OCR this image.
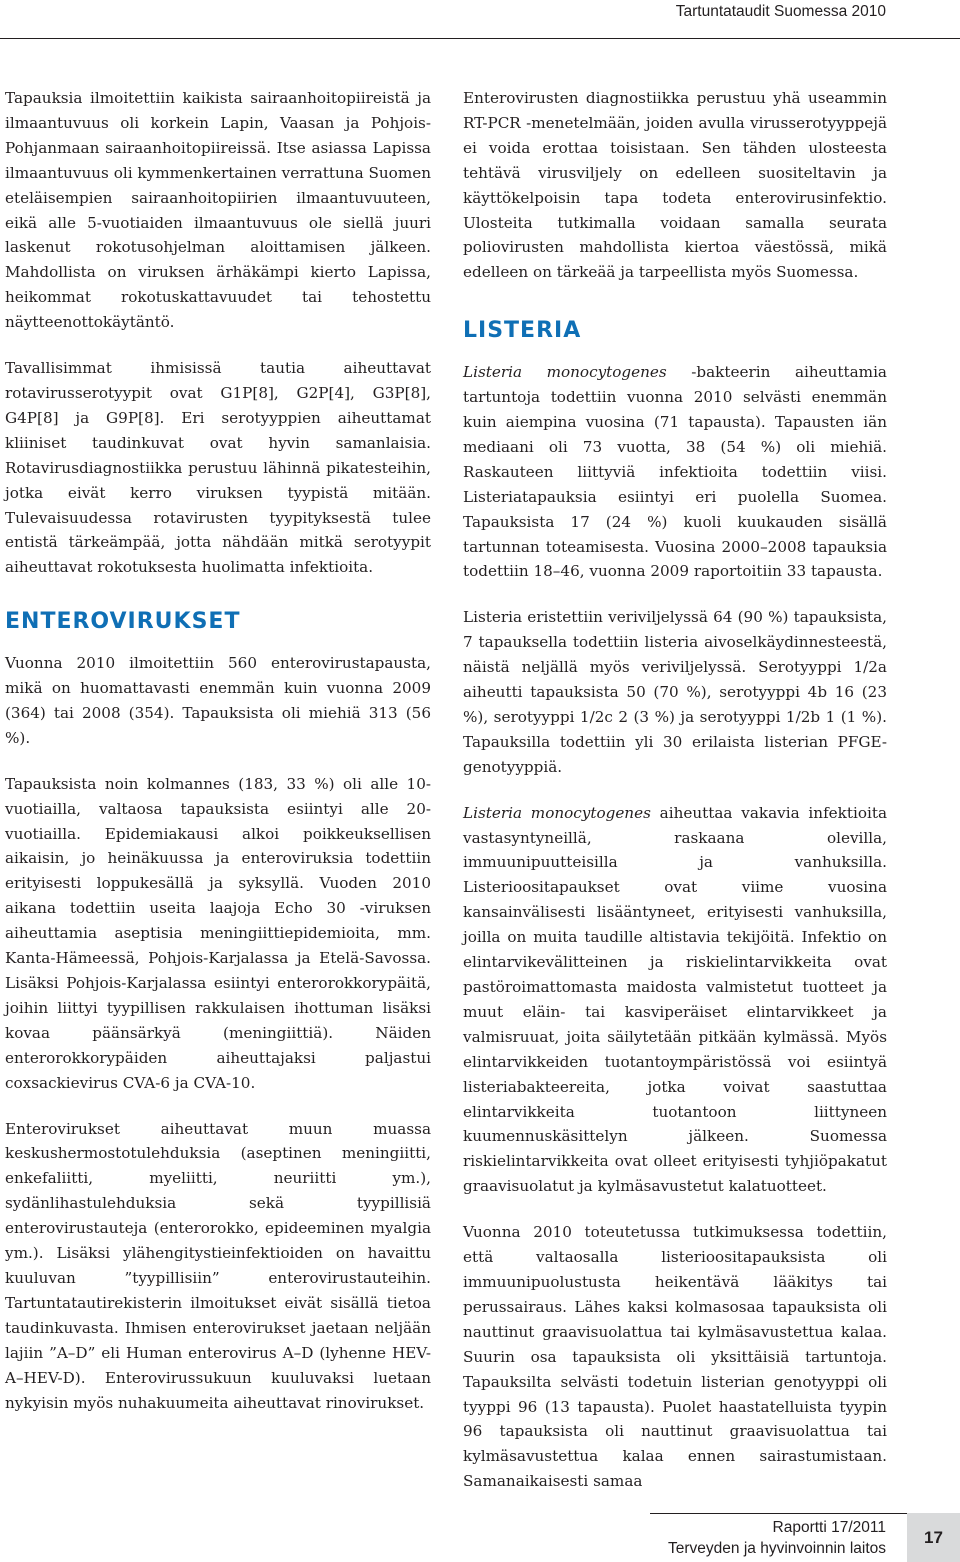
Tartuntataudit Suomessa 2010

Tapauksia ilmoitettiin kaikista sairaanhoitopiireistä ja ilmaantuvuus oli korkein Lapin, Vaasan ja Pohjois-Pohjanmaan sairaanhoitopiireissä. Itse asiassa Lapissa ilmaantuvuus oli kymmenkertainen verrattuna Suomen eteläisempien sairaanhoitopiirien ilmaantuvuuteen, eikä alle 5-vuotiaiden ilmaantuvuus ole siellä juuri laskenut rokotusohjelman aloittamisen jälkeen. Mahdollista on viruksen ärhäkämpi kierto Lapissa, heikommat rokotuskattavuudet tai tehostettu näytteenottokäytäntö.

Tavallisimmat ihmisissä tautia aiheuttavat rotavirusserotyypit ovat G1P[8], G2P[4], G3P[8], G4P[8] ja G9P[8]. Eri serotyyppien aiheuttamat kliiniset taudinkuvat ovat hyvin samanlaisia. Rotavirusdiagnostiikka perustuu lähinnä pikatesteihin, jotka eivät kerro viruksen tyypistä mitään. Tulevaisuudessa rotavirusten tyypityksestä tulee entistä tärkeämpää, jotta nähdään mitkä serotyypit aiheuttavat rokotuksesta huolimatta infektioita.

ENTEROVIRUKSET

Vuonna 2010 ilmoitettiin 560 enterovirustapausta, mikä on huomattavasti enemmän kuin vuonna 2009 (364) tai 2008 (354). Tapauksista oli miehiä 313 (56 %).

Tapauksista noin kolmannes (183, 33 %) oli alle 10-vuotiailla, valtaosa tapauksista esiintyi alle 20-vuotiailla. Epidemiakausi alkoi poikkeuksellisen aikaisin, jo heinäkuussa ja enteroviruksia todettiin erityisesti loppukesällä ja syksyllä. Vuoden 2010 aikana todettiin useita laajoja Echo 30 -viruksen aiheuttamia aseptisia meningiittiepidemioita, mm. Kanta-Hämeessä, Pohjois-Karjalassa ja Etelä-Savossa. Lisäksi Pohjois-Karjalassa esiintyi enterorokkorypäitä, joihin liittyi tyypillisen rakkulaisen ihottuman lisäksi kovaa päänsärkyä (meningiittiä). Näiden enterorokkorypäiden aiheuttajaksi paljastui coxsackievirus CVA-6 ja CVA-10.

Enterovirukset aiheuttavat muun muassa keskushermostotulehduksia (aseptinen meningiitti, enkefaliitti, myeliitti, neuriitti ym.), sydänlihastulehduksia sekä tyypillisiä enterovirustauteja (enterorokko, epideeminen myalgia ym.). Lisäksi ylähengitystieinfektioiden on havaittu kuuluvan ”tyypillisiin” enterovirustauteihin. Tartuntatautirekisterin ilmoitukset eivät sisällä tietoa taudinkuvasta. Ihmisen enterovirukset jaetaan neljään lajiin ”A–D” eli Human enterovirus A–D (lyhenne HEV-A–HEV-D). Enterovirussukuun kuuluvaksi luetaan nykyisin myös nuhakuumeita aiheuttavat rinovirukset.

Enterovirusten diagnostiikka perustuu yhä useammin RT-PCR -menetelmään, joiden avulla virusserotyyppejä ei voida erottaa toisistaan. Sen tähden ulosteesta tehtävä virusviljely on edelleen suositeltavin ja käyttökelpoisin tapa todeta enterovirusinfektio. Ulosteita tutkimalla voidaan samalla seurata poliovirusten mahdollista kiertoa väestössä, mikä edelleen on tärkeää ja tarpeellista myös Suomessa.

LISTERIA

Listeria monocytogenes -bakteerin aiheuttamia tartuntoja todettiin vuonna 2010 selvästi enemmän kuin aiempina vuosina (71 tapausta). Tapausten iän mediaani oli 73 vuotta, 38 (54 %) oli miehiä. Raskauteen liittyviä infektioita todettiin viisi. Listeriatapauksia esiintyi eri puolella Suomea. Tapauksista 17 (24 %) kuoli kuukauden sisällä tartunnan toteamisesta. Vuosina 2000–2008 tapauksia todettiin 18–46, vuonna 2009 raportoitiin 33 tapausta.

Listeria eristettiin veriviljelyssä 64 (90 %) tapauksista, 7 tapauksella todettiin listeria aivoselkäydinnesteestä, näistä neljällä myös veriviljelyssä. Serotyyppi 1/2a aiheutti tapauksista 50 (70 %), serotyyppi 4b 16 (23 %), serotyyppi 1/2c 2 (3 %) ja serotyyppi 1/2b 1 (1 %). Tapauksilla todettiin yli 30 erilaista listerian PFGE-genotyyppiä.

Listeria monocytogenes aiheuttaa vakavia infektioita vastasyntyneillä, raskaana olevilla, immuunipuutteisilla ja vanhuksilla. Listerioositapaukset ovat viime vuosina kansainvälisesti lisääntyneet, erityisesti vanhuksilla, joilla on muita taudille altistavia tekijöitä. Infektio on elintarvikevälitteinen ja riskielintarvikkeita ovat pastöroimattomasta maidosta valmistetut tuotteet ja muut eläin- tai kasviperäiset elintarvikkeet ja valmisruuat, joita säilytetään pitkään kylmässä. Myös elintarvikkeiden tuotantoympäristössä voi esiintyä listeriabakteereita, jotka voivat saastuttaa elintarvikkeita tuotantoon liittyneen kuumennuskäsittelyn jälkeen. Suomessa riskielintarvikkeita ovat olleet erityisesti tyhjiöpakatut graavisuolatut ja kylmäsavustetut kalatuotteet.

Vuonna 2010 toteutetussa tutkimuksessa todettiin, että valtaosalla listerioositapauksista oli immuunipuolustusta heikentävä lääkitys tai perussairaus. Lähes kaksi kolmasosaa tapauksista oli nauttinut graavisuolattua tai kylmäsavustettua kalaa. Suurin osa tapauksista oli yksittäisiä tartuntoja. Tapauksilta selvästi todetuin listerian genotyyppi oli tyyppi 96 (13 tapausta). Puolet haastatelluista tyypin 96 tapauksista oli nauttinut graavisuolattua tai kylmäsavustettua kalaa ennen sairastumistaan. Samanaikaisesti samaa

Raportti 17/2011
Terveyden ja hyvinvoinnin laitos
17
